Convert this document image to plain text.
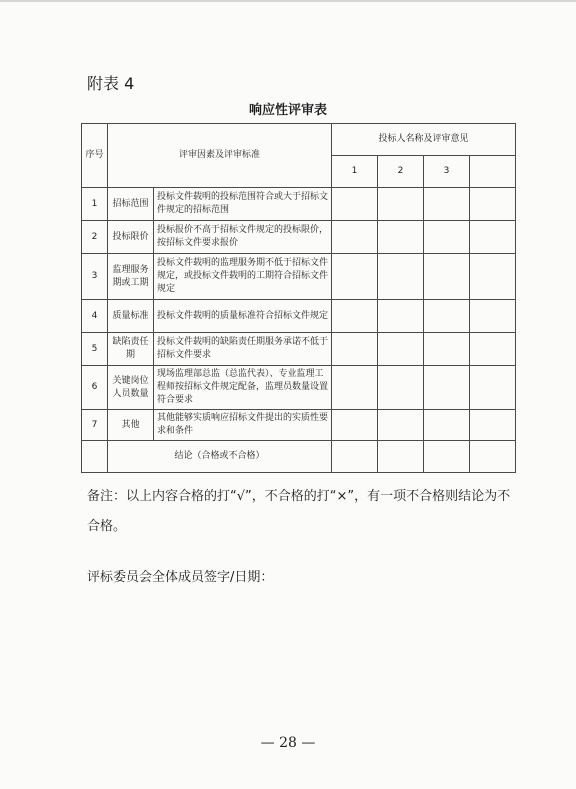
附表 4
响应性评审表
序号	评审因素及评审标准		投标人名称及评审意见			
			1	2	3	
1	招标范围	投标文件载明的投标范围符合或大于招标文件规定的招标范围				
2	投标限价	投标报价不高于招标文件规定的投标限价，按招标文件要求报价				
3	监理服务期或工期	投标文件载明的监理服务期不低于招标文件规定，或投标文件载明的工期符合招标文件规定				
4	质量标准	投标文件载明的质量标准符合招标文件规定				
5	缺陷责任期	投标文件载明的缺陷责任期服务承诺不低于招标文件要求				
6	关键岗位人员数量	现场监理部总监（总监代表）、专业监理工程师按招标文件规定配备，监理员数量设置符合要求				
7	其他	其他能够实质响应招标文件提出的实质性要求和条件				
	结论（合格或不合格）					
备注：以上内容合格的打“√”，不合格的打“×”，有一项不合格则结论为不合格。
评标委员会全体成员签字/日期：
— 28 —
